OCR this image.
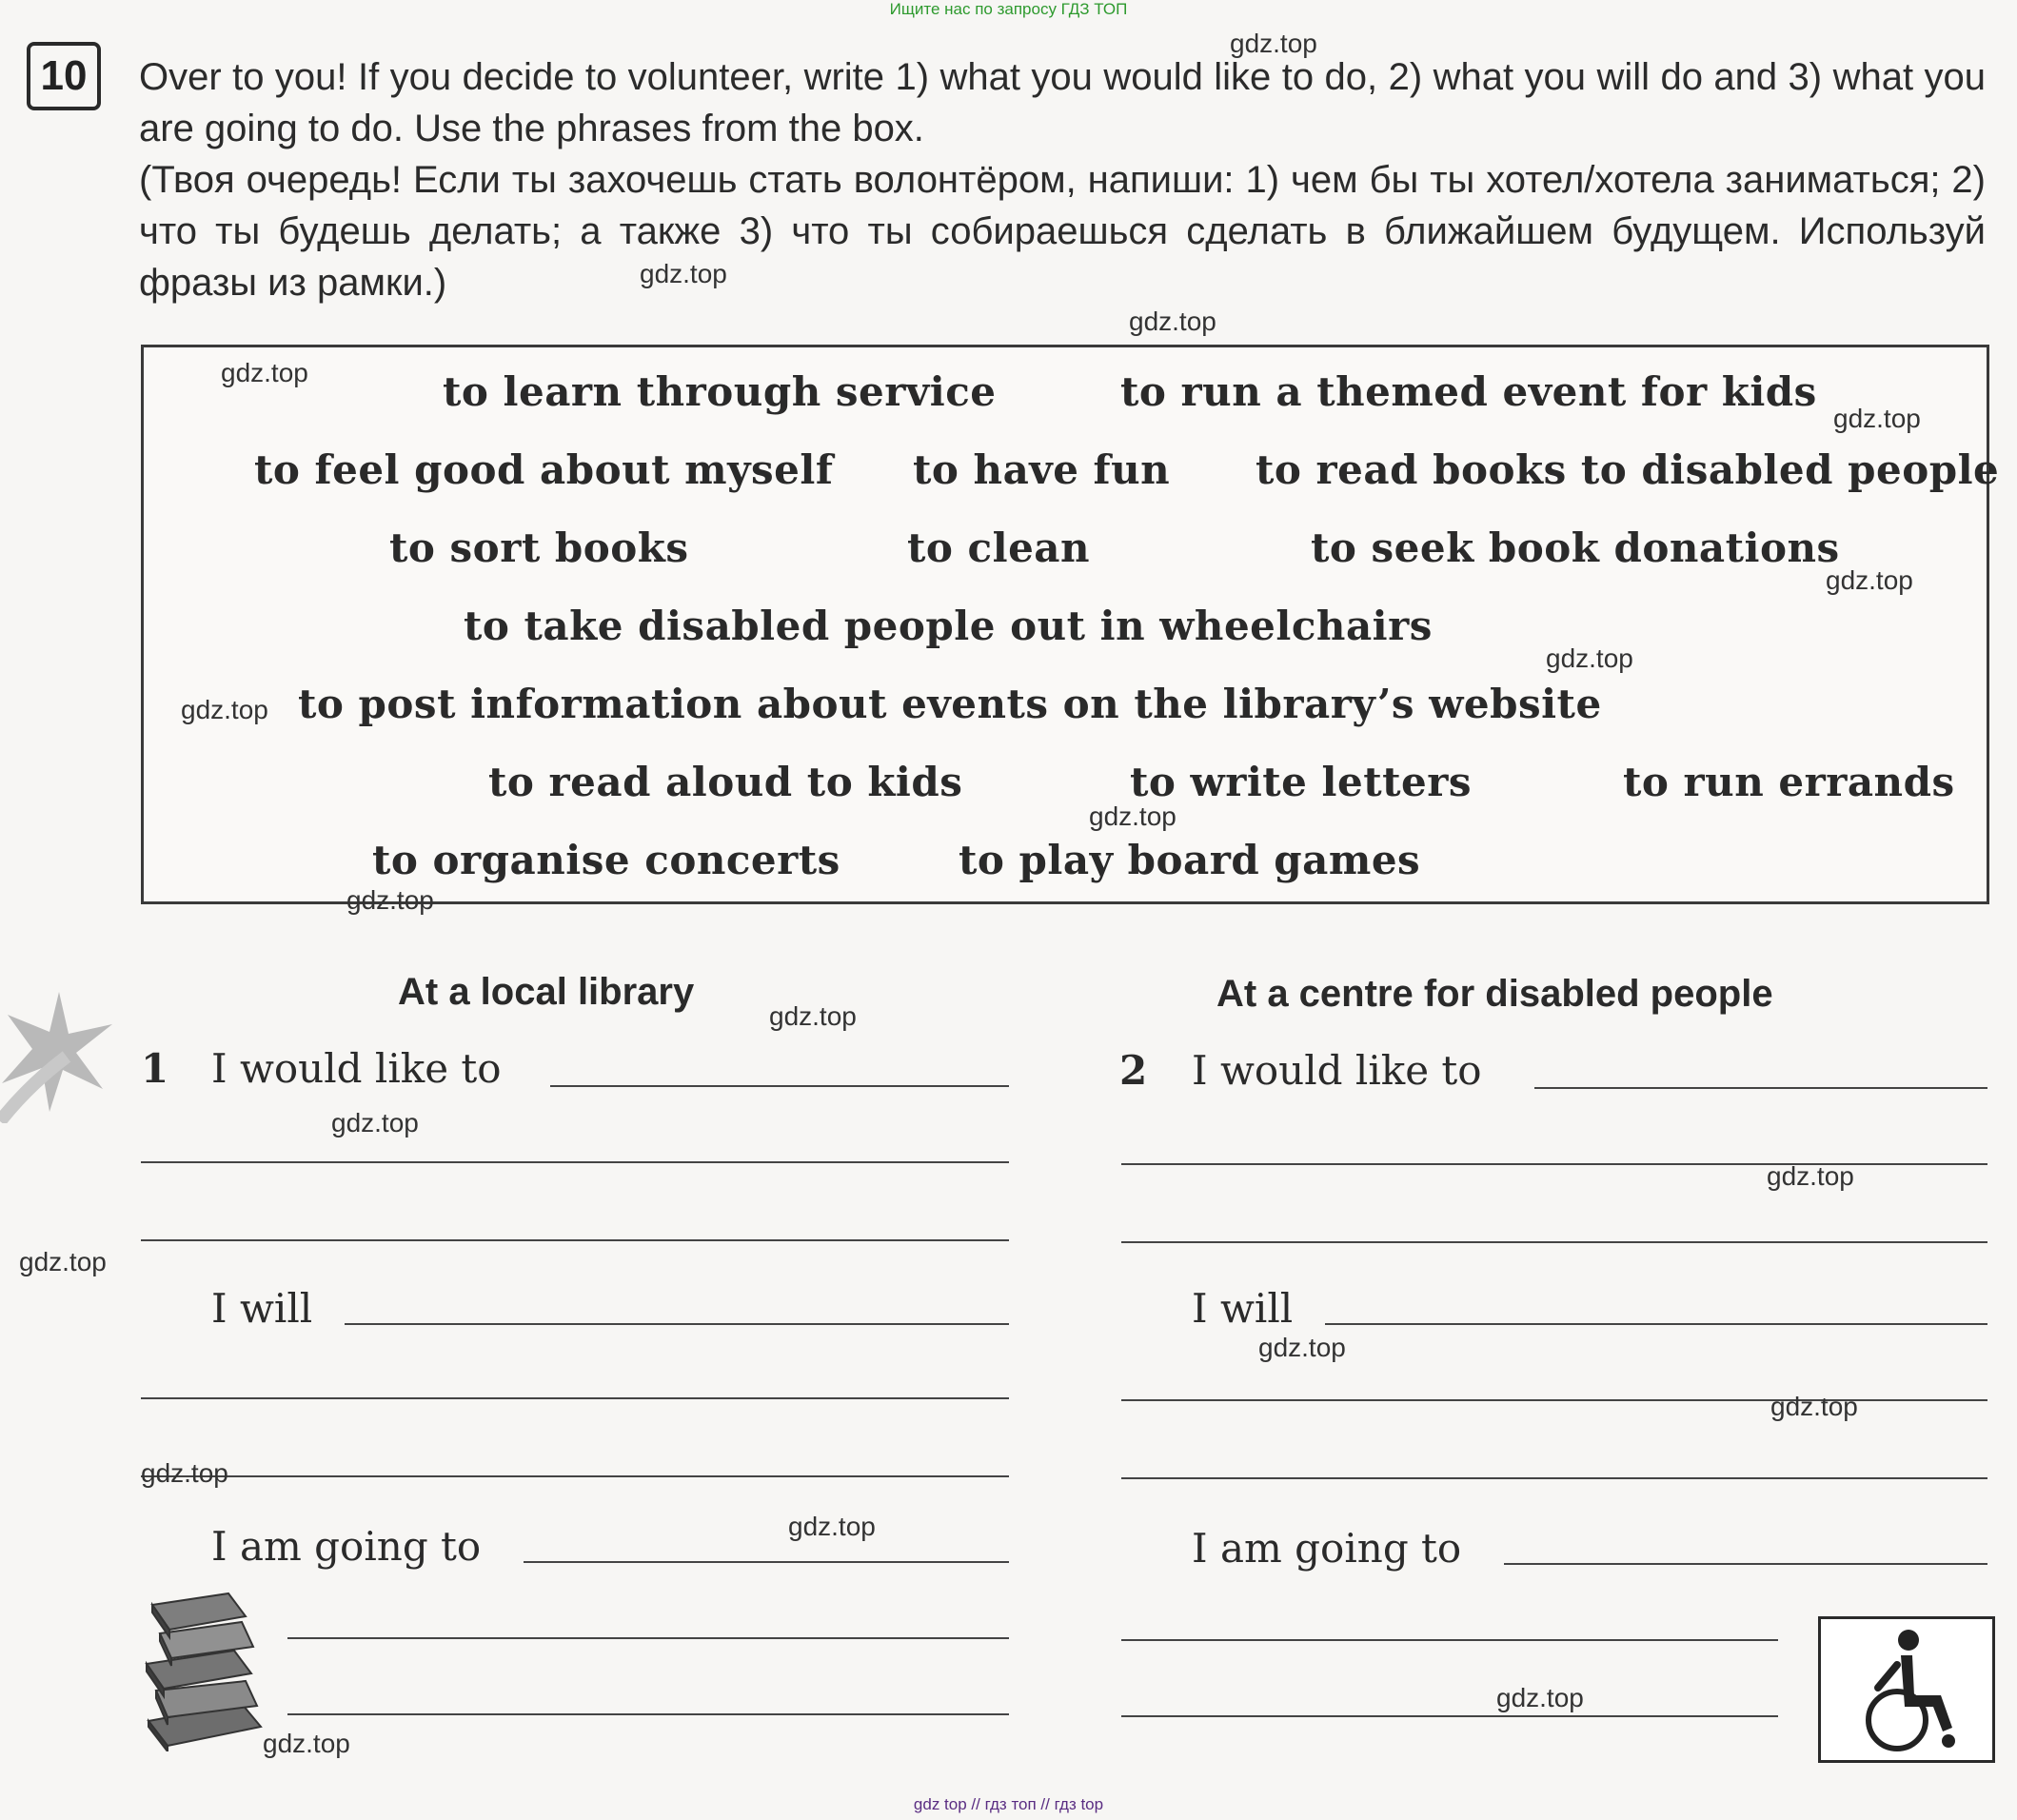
Ищите нас по запросу ГДЗ ТОП
10	Over to you! If you decide to volunteer, write 1) what you would like to do, 2) what you will do and 3) what you are going to do. Use the phrases from the box.

(Твоя очередь! Если ты захочешь стать волонтёром, напиши: 1) чем бы ты хотел/хотела заниматься; 2) что ты будешь делать; а также 3) что ты собираешься сделать в ближайшем будущем. Используй фразы из рамки.)

to learn through service	to run a themed event for kids
to feel good about myself to have fun to read books to disabled people
to sort books	to clean	to seek book donations
to take disabled people out in wheelchairs
to post information about events on the library’s website
to read aloud to kids	to write letters	to run errands
to organise concerts	to play board games
At a local library	At a centre for disabled people
1 I would like to
I will
I am going to
2 I would like to
I will
I am going to
gdz.top
gdz.top
gdz.top
gdz.top
gdz.top
gdz.top
gdz.top
gdz.top
gdz.top
gdz.top
gdz.top
gdz.top
gdz.top
gdz.top
gdz.top
gdz.top
gdz.top
gdz.top
gdz.top
gdz.top
gdz top // гдз топ // гдз top
